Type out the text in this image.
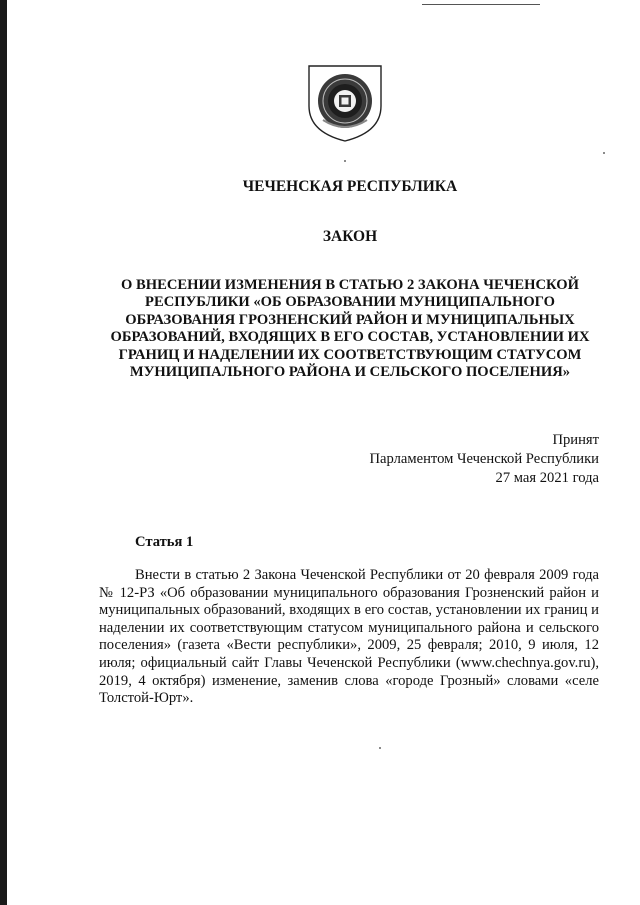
ЧЕЧЕНСКАЯ РЕСПУБЛИКА
ЗАКОН
О ВНЕСЕНИИ ИЗМЕНЕНИЯ В СТАТЬЮ 2 ЗАКОНА ЧЕЧЕНСКОЙ
РЕСПУБЛИКИ «ОБ ОБРАЗОВАНИИ МУНИЦИПАЛЬНОГО
ОБРАЗОВАНИЯ ГРОЗНЕНСКИЙ РАЙОН И МУНИЦИПАЛЬНЫХ
ОБРАЗОВАНИЙ, ВХОДЯЩИХ В ЕГО СОСТАВ, УСТАНОВЛЕНИИ ИХ
ГРАНИЦ И НАДЕЛЕНИИ ИХ СООТВЕТСТВУЮЩИМ СТАТУСОМ
МУНИЦИПАЛЬНОГО РАЙОНА И СЕЛЬСКОГО ПОСЕЛЕНИЯ»
Принят
Парламентом Чеченской Республики
27 мая 2021 года
Статья 1

Внести в статью 2 Закона Чеченской Республики от 20 февраля 2009 года № 12-РЗ «Об образовании муниципального образования Грозненский район и муниципальных образований, входящих в его состав, установлении их границ и наделении их соответствующим статусом муниципального района и сельского поселения» (газета «Вести республики», 2009, 25 февраля; 2010, 9 июля, 12 июля; официальный сайт Главы Чеченской Республики (www.chechnya.gov.ru), 2019, 4 октября) изменение, заменив слова «городе Грозный» словами «селе Толстой-Юрт».
